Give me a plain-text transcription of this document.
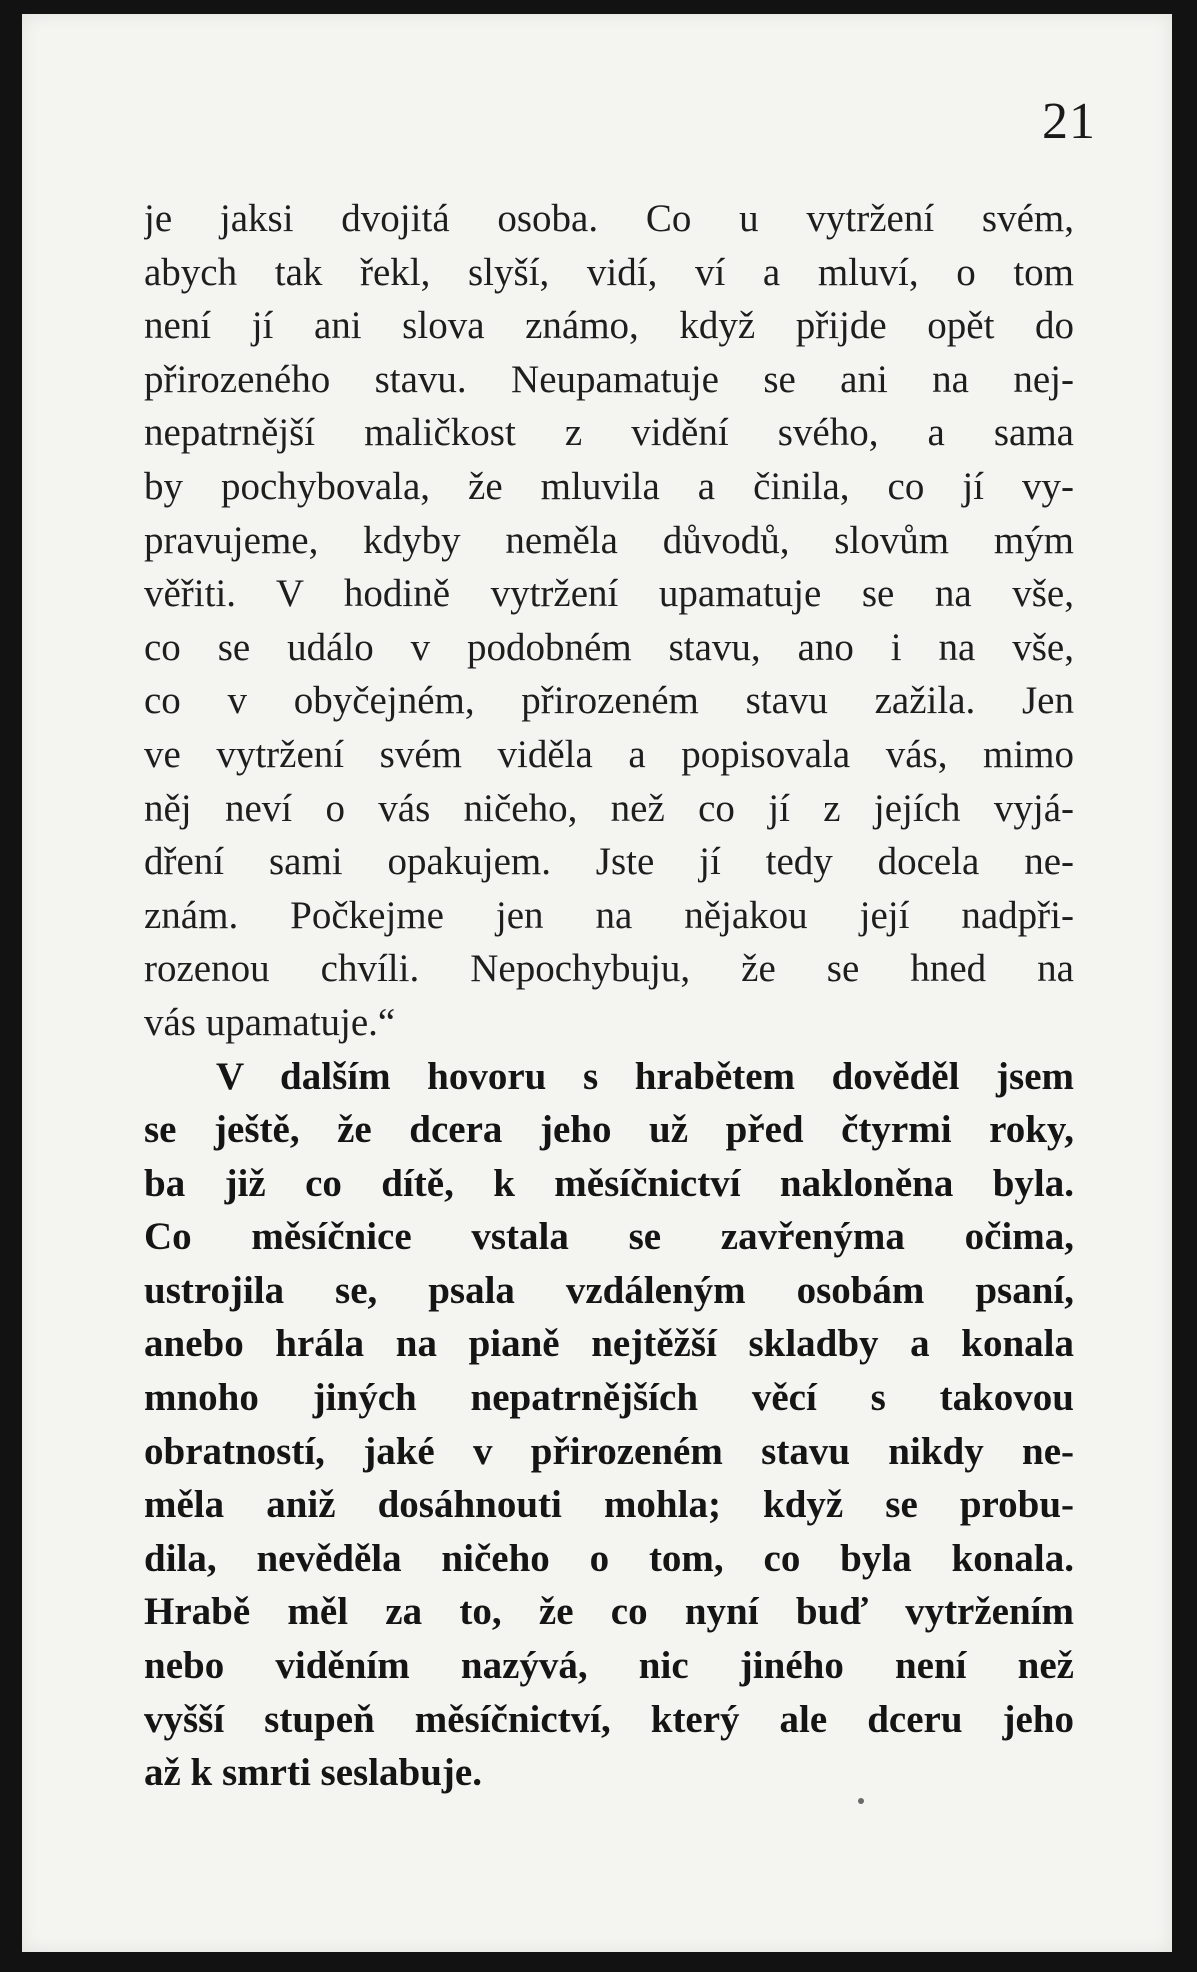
21
je jaksi dvojitá osoba. Co u vytržení svém,
abych tak řekl, slyší, vidí, ví a mluví, o tom
není jí ani slova známo, když přijde opět do
přirozeného stavu. Neupamatuje se ani na nej-
nepatrnější maličkost z vidění svého, a sama
by pochybovala, že mluvila a činila, co jí vy-
pravujeme, kdyby neměla důvodů, slovům mým
věřiti. V hodině vytržení upamatuje se na vše,
co se událo v podobném stavu, ano i na vše,
co v obyčejném, přirozeném stavu zažila. Jen
ve vytržení svém viděla a popisovala vás, mimo
něj neví o vás ničeho, než co jí z jejích vyjá-
dření sami opakujem. Jste jí tedy docela ne-
znám. Počkejme jen na nějakou její nadpři-
rozenou chvíli. Nepochybuju, že se hned na
vás upamatuje.“
V dalším hovoru s hrabětem dověděl jsem
se ještě, že dcera jeho už před čtyrmi roky,
ba již co dítě, k měsíčnictví nakloněna byla.
Co měsíčnice vstala se zavřenýma očima,
ustrojila se, psala vzdáleným osobám psaní,
anebo hrála na pianě nejtěžší skladby a konala
mnoho jiných nepatrnějších věcí s takovou
obratností, jaké v přirozeném stavu nikdy ne-
měla aniž dosáhnouti mohla; když se probu-
dila, nevěděla ničeho o tom, co byla konala.
Hrabě měl za to, že co nyní buď vytržením
nebo viděním nazývá, nic jiného není než
vyšší stupeň měsíčnictví, který ale dceru jeho
až k smrti seslabuje.
